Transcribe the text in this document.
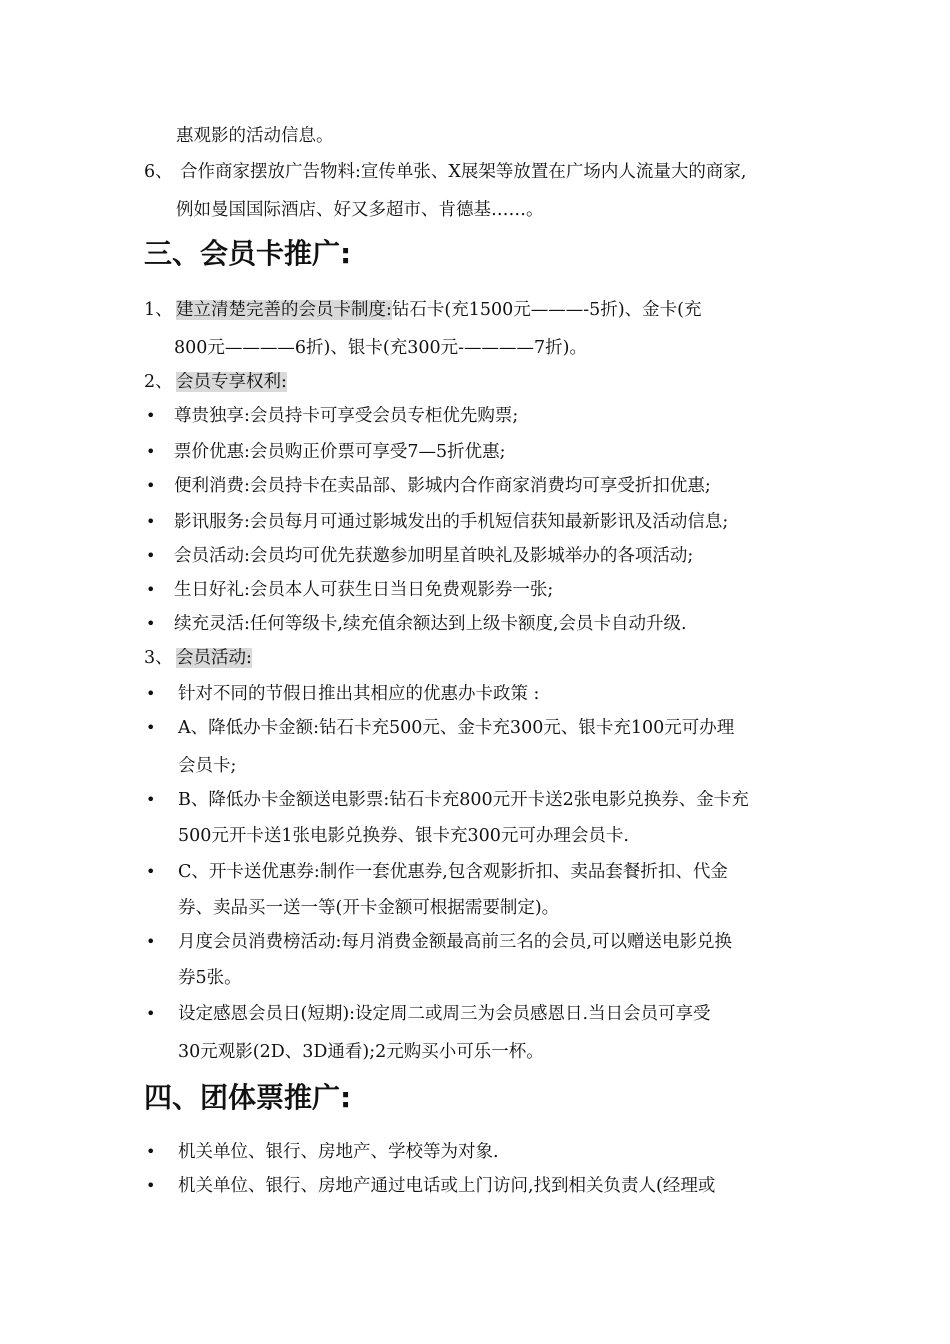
惠观影的活动信息。
6、 合作商家摆放广告物料:宣传单张、X展架等放置在广场内人流量大的商家,
例如曼国国际酒店、好又多超市、肯德基……。
三、会员卡推广:
1、 建立清楚完善的会员卡制度:钻石卡(充1500元———-5折)、金卡(充
800元————6折)、银卡(充300元-————7折)。
2、 会员专享权利:
• 尊贵独享:会员持卡可享受会员专柜优先购票;
• 票价优惠:会员购正价票可享受7—5折优惠;
• 便利消费:会员持卡在卖品部、影城内合作商家消费均可享受折扣优惠;
• 影讯服务:会员每月可通过影城发出的手机短信获知最新影讯及活动信息;
• 会员活动:会员均可优先获邀参加明星首映礼及影城举办的各项活动;
• 生日好礼:会员本人可获生日当日免费观影券一张;
• 续充灵活:任何等级卡,续充值余额达到上级卡额度,会员卡自动升级.
3、 会员活动:
• 针对不同的节假日推出其相应的优惠办卡政策 :
• A、降低办卡金额:钻石卡充500元、金卡充300元、银卡充100元可办理
会员卡;
• B、降低办卡金额送电影票:钻石卡充800元开卡送2张电影兑换券、金卡充
500元开卡送1张电影兑换券、银卡充300元可办理会员卡.
• C、开卡送优惠券:制作一套优惠券,包含观影折扣、卖品套餐折扣、代金
券、卖品买一送一等(开卡金额可根据需要制定)。
• 月度会员消费榜活动:每月消费金额最高前三名的会员,可以赠送电影兑换
券5张。
• 设定感恩会员日(短期):设定周二或周三为会员感恩日.当日会员可享受
30元观影(2D、3D通看);2元购买小可乐一杯。
四、团体票推广:
• 机关单位、银行、房地产、学校等为对象.
• 机关单位、银行、房地产通过电话或上门访问,找到相关负责人(经理或
